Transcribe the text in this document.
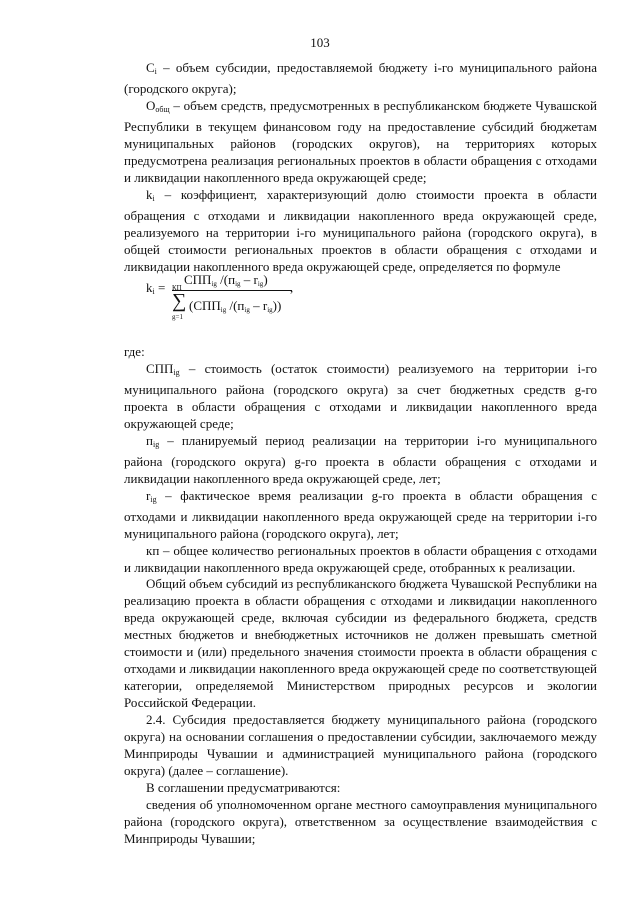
103

$C_i$ – объем субсидии, предоставляемой бюджету i-го муниципального района (городского округа);

$О_{общ}$ – объем средств, предусмотренных в республиканском бюджете Чувашской Республики в текущем финансовом году на предоставление субсидий бюджетам муниципальных районов (городских округов), на территориях которых предусмотрена реализация региональных проектов в области обращения с отходами и ликвидации накопленного вреда окружающей среде;

$k_i$ – коэффициент, характеризующий долю стоимости проекта в области обращения с отходами и ликвидации накопленного вреда окружающей среде, реализуемого на территории i-го муниципального района (городского округа), в общей стоимости региональных проектов в области обращения с отходами и ликвидации накопленного вреда окружающей среде, определяется по формуле

$k_i$ =
СППig /(пig – rig)
КП
∑
g=1
(СППig /(пig – rig))
,

где:

$СПП_{ig}$ – стоимость (остаток стоимости) реализуемого на территории i-го муниципального района (городского округа) за счет бюджетных средств g-го проекта в области обращения с отходами и ликвидации накопленного вреда окружающей среде;

$п_{ig}$ – планируемый период реализации на территории i-го муниципального района (городского округа) g-го проекта в области обращения с отходами и ликвидации накопленного вреда окружающей среде, лет;

$r_{ig}$ – фактическое время реализации g-го проекта в области обращения с отходами и ликвидации накопленного вреда окружающей среде на территории i-го муниципального района (городского округа), лет;

кп – общее количество региональных проектов в области обращения с отходами и ликвидации накопленного вреда окружающей среде, отобранных к реализации.

Общий объем субсидий из республиканского бюджета Чувашской Республики на реализацию проекта в области обращения с отходами и ликвидации накопленного вреда окружающей среде, включая субсидии из федерального бюджета, средств местных бюджетов и внебюджетных источников не должен превышать сметной стоимости и (или) предельного значения стоимости проекта в области обращения с отходами и ликвидации накопленного вреда окружающей среде по соответствующей категории, определяемой Министерством природных ресурсов и экологии Российской Федерации.

2.4. Субсидия предоставляется бюджету муниципального района (городского округа) на основании соглашения о предоставлении субсидии, заключаемого между Минприроды Чувашии и администрацией муниципального района (городского округа) (далее – соглашение).

В соглашении предусматриваются:

сведения об уполномоченном органе местного самоуправления муниципального района (городского округа), ответственном за осуществление взаимодействия с Минприроды Чувашии;
